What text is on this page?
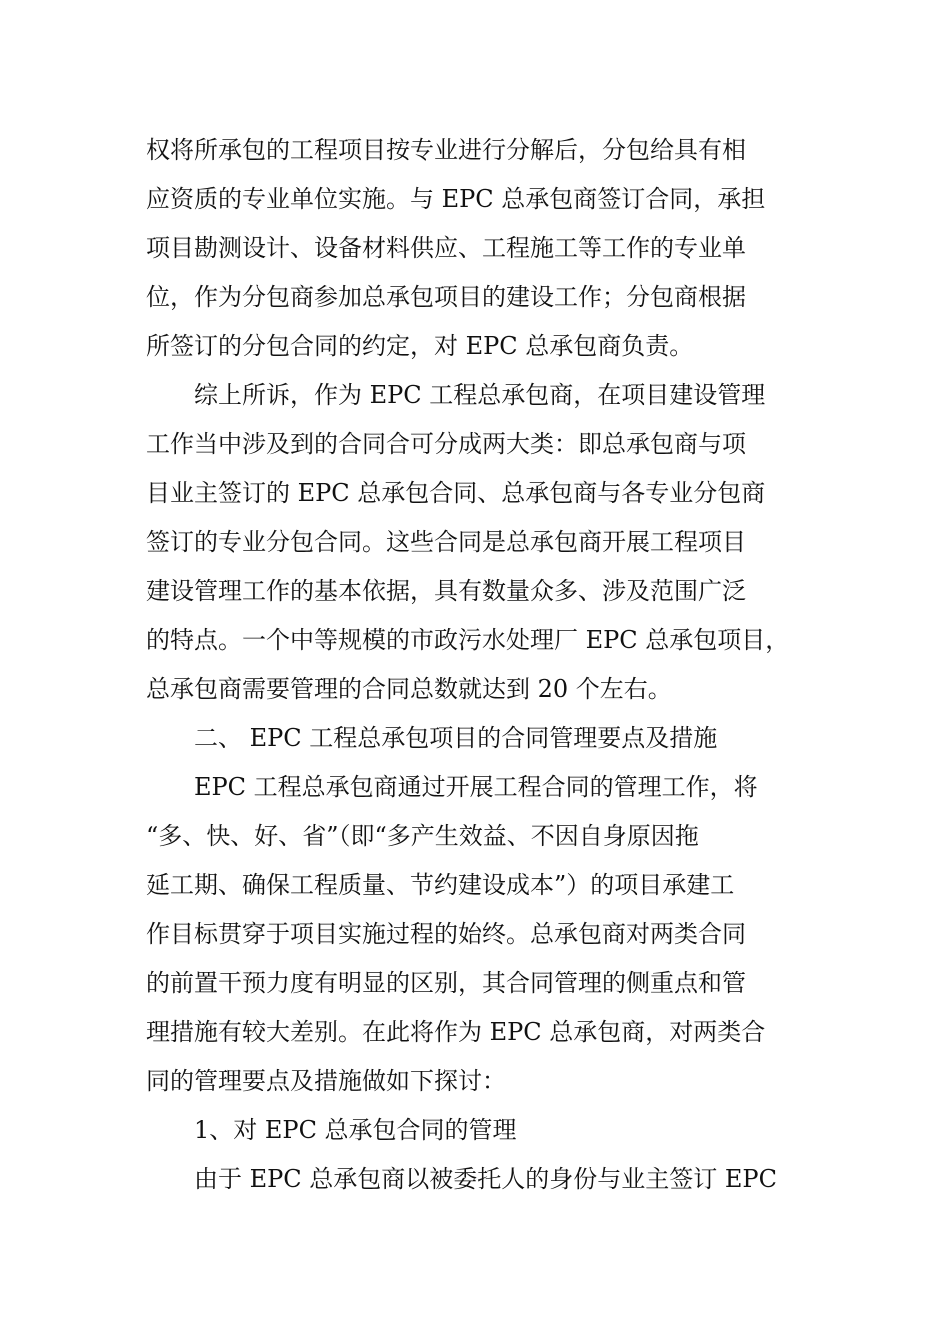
权将所承包的工程项目按专业进行分解后，分包给具有相
应资质的专业单位实施。与 EPC 总承包商签订合同，承担
项目勘测设计、设备材料供应、工程施工等工作的专业单
位，作为分包商参加总承包项目的建设工作；分包商根据
所签订的分包合同的约定，对 EPC 总承包商负责。
综上所诉，作为 EPC 工程总承包商，在项目建设管理
工作当中涉及到的合同合可分成两大类：即总承包商与项
目业主签订的 EPC 总承包合同、总承包商与各专业分包商
签订的专业分包合同。这些合同是总承包商开展工程项目
建设管理工作的基本依据，具有数量众多、涉及范围广泛
的特点。一个中等规模的市政污水处理厂 EPC 总承包项目，
总承包商需要管理的合同总数就达到 20 个左右。
二、 EPC 工程总承包项目的合同管理要点及措施
EPC 工程总承包商通过开展工程合同的管理工作，将
“多、快、好、省”（即“多产生效益、不因自身原因拖
延工期、确保工程质量、节约建设成本”）的项目承建工
作目标贯穿于项目实施过程的始终。总承包商对两类合同
的前置干预力度有明显的区别，其合同管理的侧重点和管
理措施有较大差别。在此将作为 EPC 总承包商，对两类合
同的管理要点及措施做如下探讨：
1、对 EPC 总承包合同的管理
由于 EPC 总承包商以被委托人的身份与业主签订 EPC
